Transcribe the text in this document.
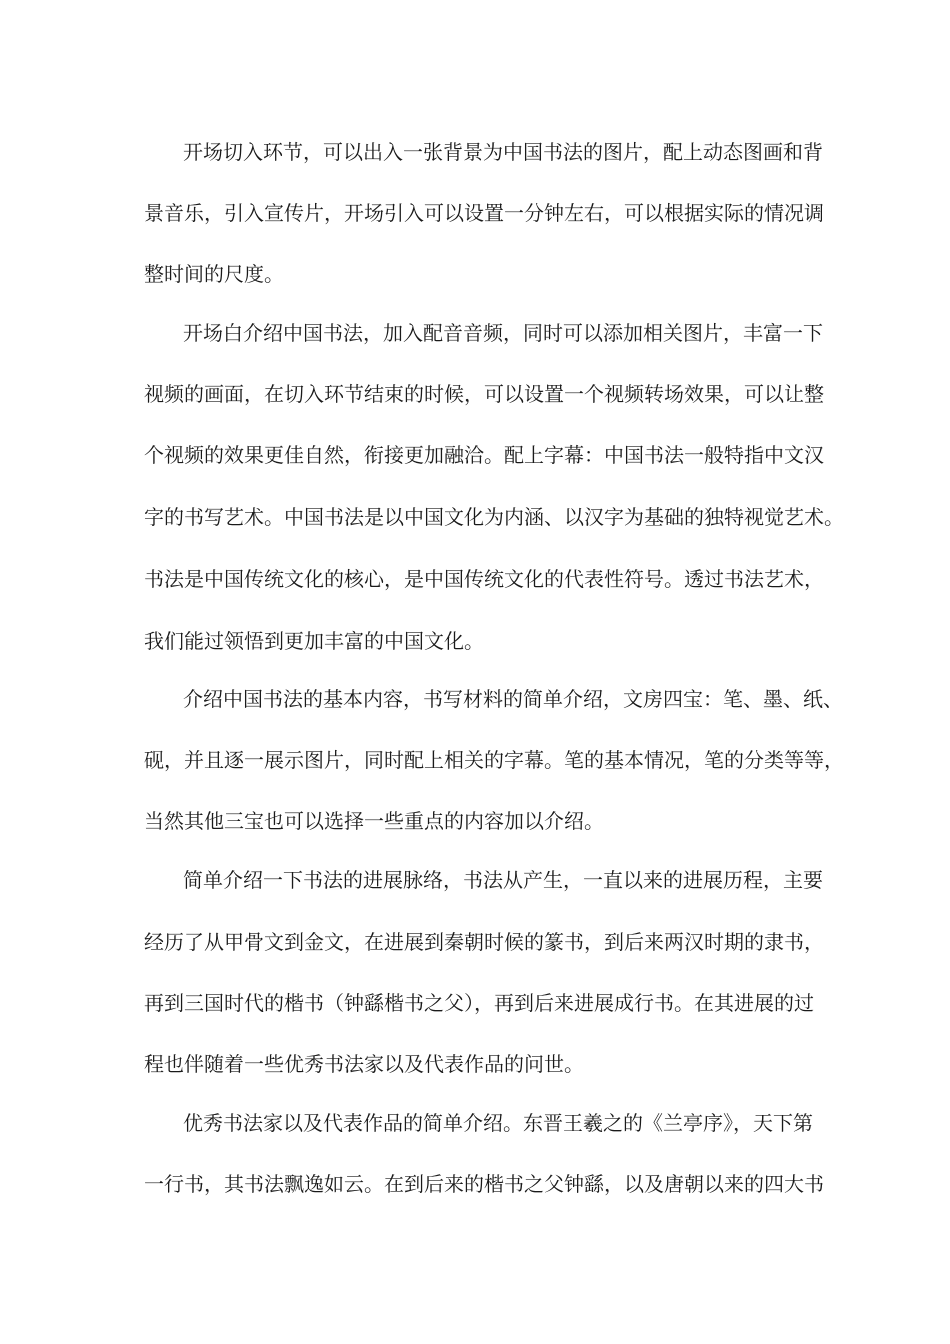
开场切入环节，可以出入一张背景为中国书法的图片，配上动态图画和背
景音乐，引入宣传片，开场引入可以设置一分钟左右，可以根据实际的情况调
整时间的尺度。
开场白介绍中国书法，加入配音音频，同时可以添加相关图片，丰富一下
视频的画面，在切入环节结束的时候，可以设置一个视频转场效果，可以让整
个视频的效果更佳自然，衔接更加融洽。配上字幕：中国书法一般特指中文汉
字的书写艺术。中国书法是以中国文化为内涵、以汉字为基础的独特视觉艺术。
书法是中国传统文化的核心，是中国传统文化的代表性符号。透过书法艺术，
我们能过领悟到更加丰富的中国文化。
介绍中国书法的基本内容，书写材料的简单介绍，文房四宝：笔、墨、纸、
砚，并且逐一展示图片，同时配上相关的字幕。笔的基本情况，笔的分类等等，
当然其他三宝也可以选择一些重点的内容加以介绍。
简单介绍一下书法的进展脉络，书法从产生，一直以来的进展历程，主要
经历了从甲骨文到金文，在进展到秦朝时候的篆书，到后来两汉时期的隶书，
再到三国时代的楷书（钟繇楷书之父），再到后来进展成行书。在其进展的过
程也伴随着一些优秀书法家以及代表作品的问世。
优秀书法家以及代表作品的简单介绍。东晋王羲之的《兰亭序》，天下第
一行书，其书法飘逸如云。在到后来的楷书之父钟繇，以及唐朝以来的四大书
